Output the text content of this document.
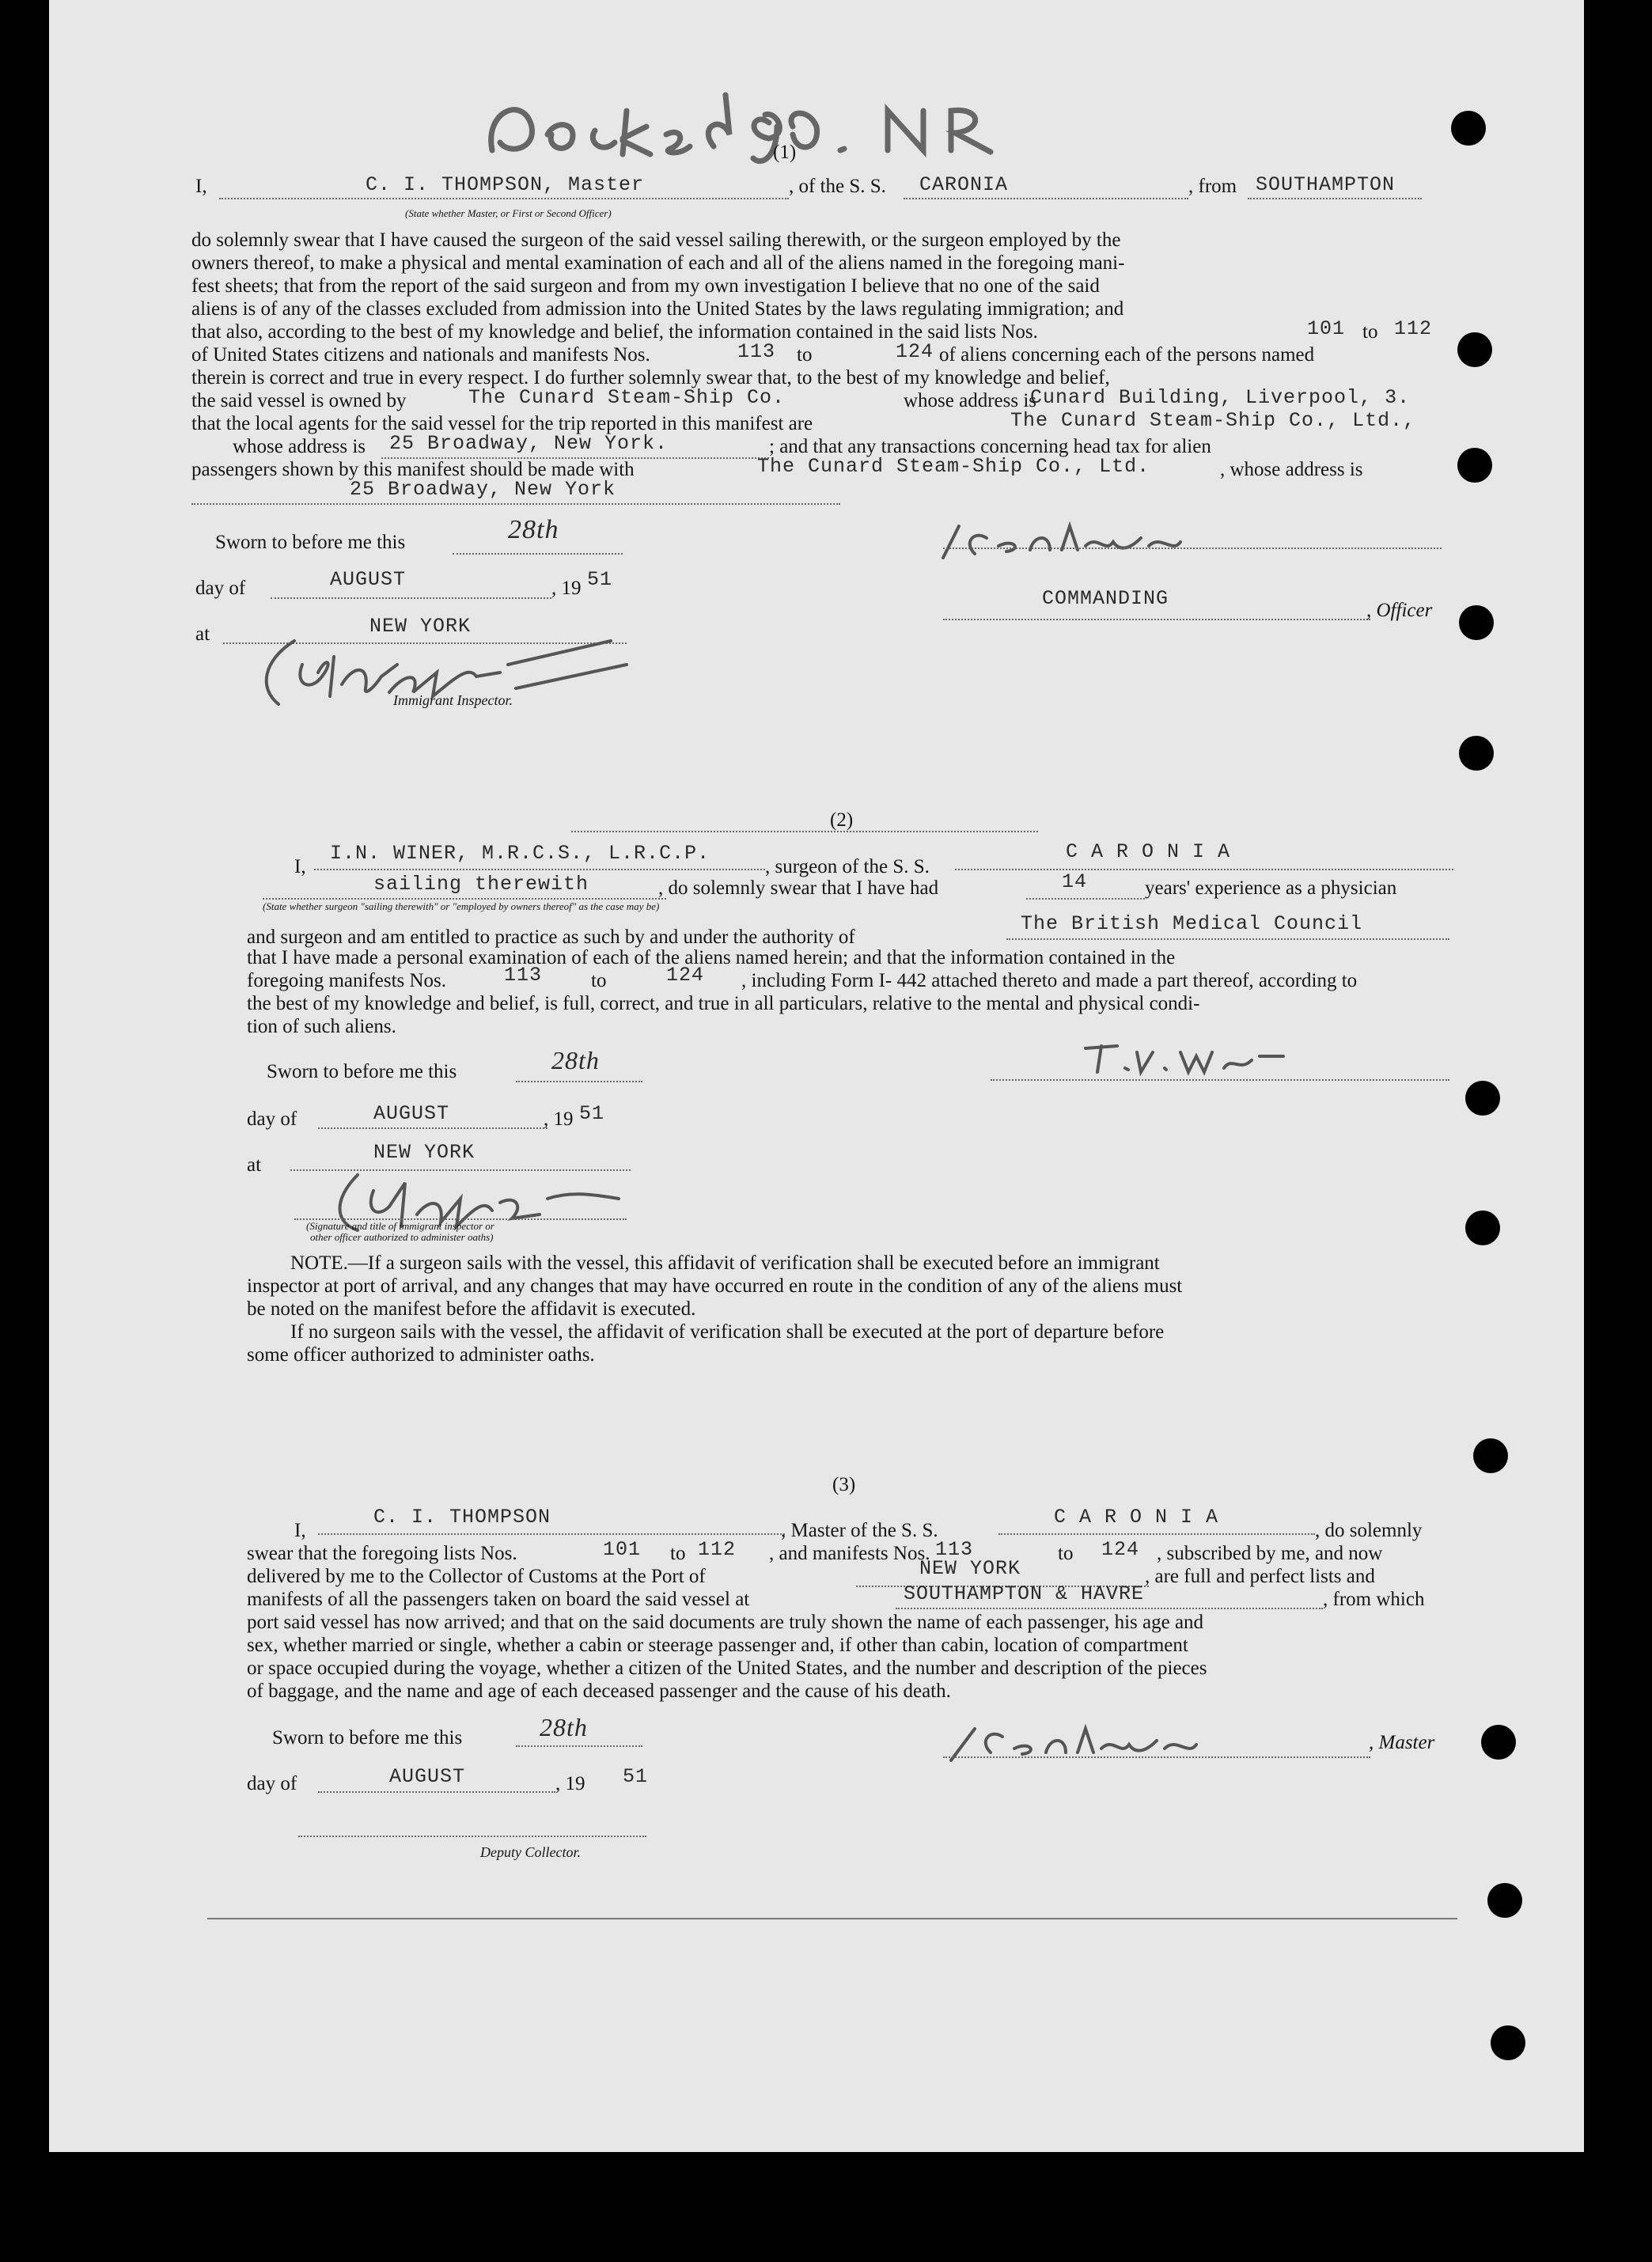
(1)
I,	C. I. THOMPSON, Master	, of the S. S. CARONIA	, from SOUTHAMPTON
(State whether Master, or First or Second Officer)
do solemnly swear that I have caused the surgeon of the said vessel sailing therewith, or the surgeon employed by the
owners thereof, to make a physical and mental examination of each and all of the aliens named in the foregoing mani-
fest sheets; that from the report of the said surgeon and from my own investigation I believe that no one of the said
aliens is of any of the classes excluded from admission into the United States by the laws regulating immigration; and
that also, according to the best of my knowledge and belief, the information contained in the said lists Nos.	101 to 112
of United States citizens and nationals and manifests Nos.	113 to	124 of aliens concerning each of the persons named
therein is correct and true in every respect. I do further solemnly swear that, to the best of my knowledge and belief,
the said vessel is owned by	The Cunard Steam-Ship Co.	whose address is
Cunard Building, Liverpool, 3.
that the local agents for the said vessel for the trip reported in this manifest are	The Cunard Steam-Ship Co., Ltd.,
whose address is 25 Broadway, New York.	; and that any transactions concerning head tax for alien
passengers shown by this manifest should be made with	The Cunard Steam-Ship Co., Ltd.	, whose address is
25 Broadway, New York
Sworn to before me this	28th
day of	AUGUST	, 19 51
at	NEW YORK
Immigrant Inspector.
COMMANDING
, Officer
(2)
I,
I.N. WINER, M.R.C.S., L.R.C.P.
, surgeon of the S. S.
C A R O N I A
sailing therewith	, do solemnly swear that I have had	14	years' experience as a physician
(State whether surgeon "sailing therewith" or "employed by owners thereof" as the case may be)
and surgeon and am entitled to practice as such by and under the authority of
The British Medical Council
that I have made a personal examination of each of the aliens named herein; and that the information contained in the
foregoing manifests Nos.	113 to	124 , including Form I- 442 attached thereto and made a part thereof, according to
the best of my knowledge and belief, is full, correct, and true in all particulars, relative to the mental and physical condi-
tion of such aliens.
Sworn to before me this	28th
day of	AUGUST	, 19 51
at
NEW YORK
(Signature and title of immigrant inspector or
other officer authorized to administer oaths)
NOTE.—If a surgeon sails with the vessel, this affidavit of verification shall be executed before an immigrant
inspector at port of arrival, and any changes that may have occurred en route in the condition of any of the aliens must
be noted on the manifest before the affidavit is executed.
If no surgeon sails with the vessel, the affidavit of verification shall be executed at the port of departure before
some officer authorized to administer oaths.
(3)
I,
C. I. THOMPSON
, Master of the S. S.
C A R O N I A
, do solemnly
swear that the foregoing lists Nos.	101 to 112 , and manifests Nos. 113	to 124 , subscribed by me, and now
delivered by me to the Collector of Customs at the Port of	NEW YORK	, are full and perfect lists and
manifests of all the passengers taken on board the said vessel at	SOUTHAMPTON & HAVRE	, from which
port said vessel has now arrived; and that on the said documents are truly shown the name of each passenger, his age and
sex, whether married or single, whether a cabin or steerage passenger and, if other than cabin, location of compartment
or space occupied during the voyage, whether a citizen of the United States, and the number and description of the pieces
of baggage, and the name and age of each deceased passenger and the cause of his death.
Sworn to before me this	28th
day of	AUGUST	, 19 51
Deputy Collector.
, Master
